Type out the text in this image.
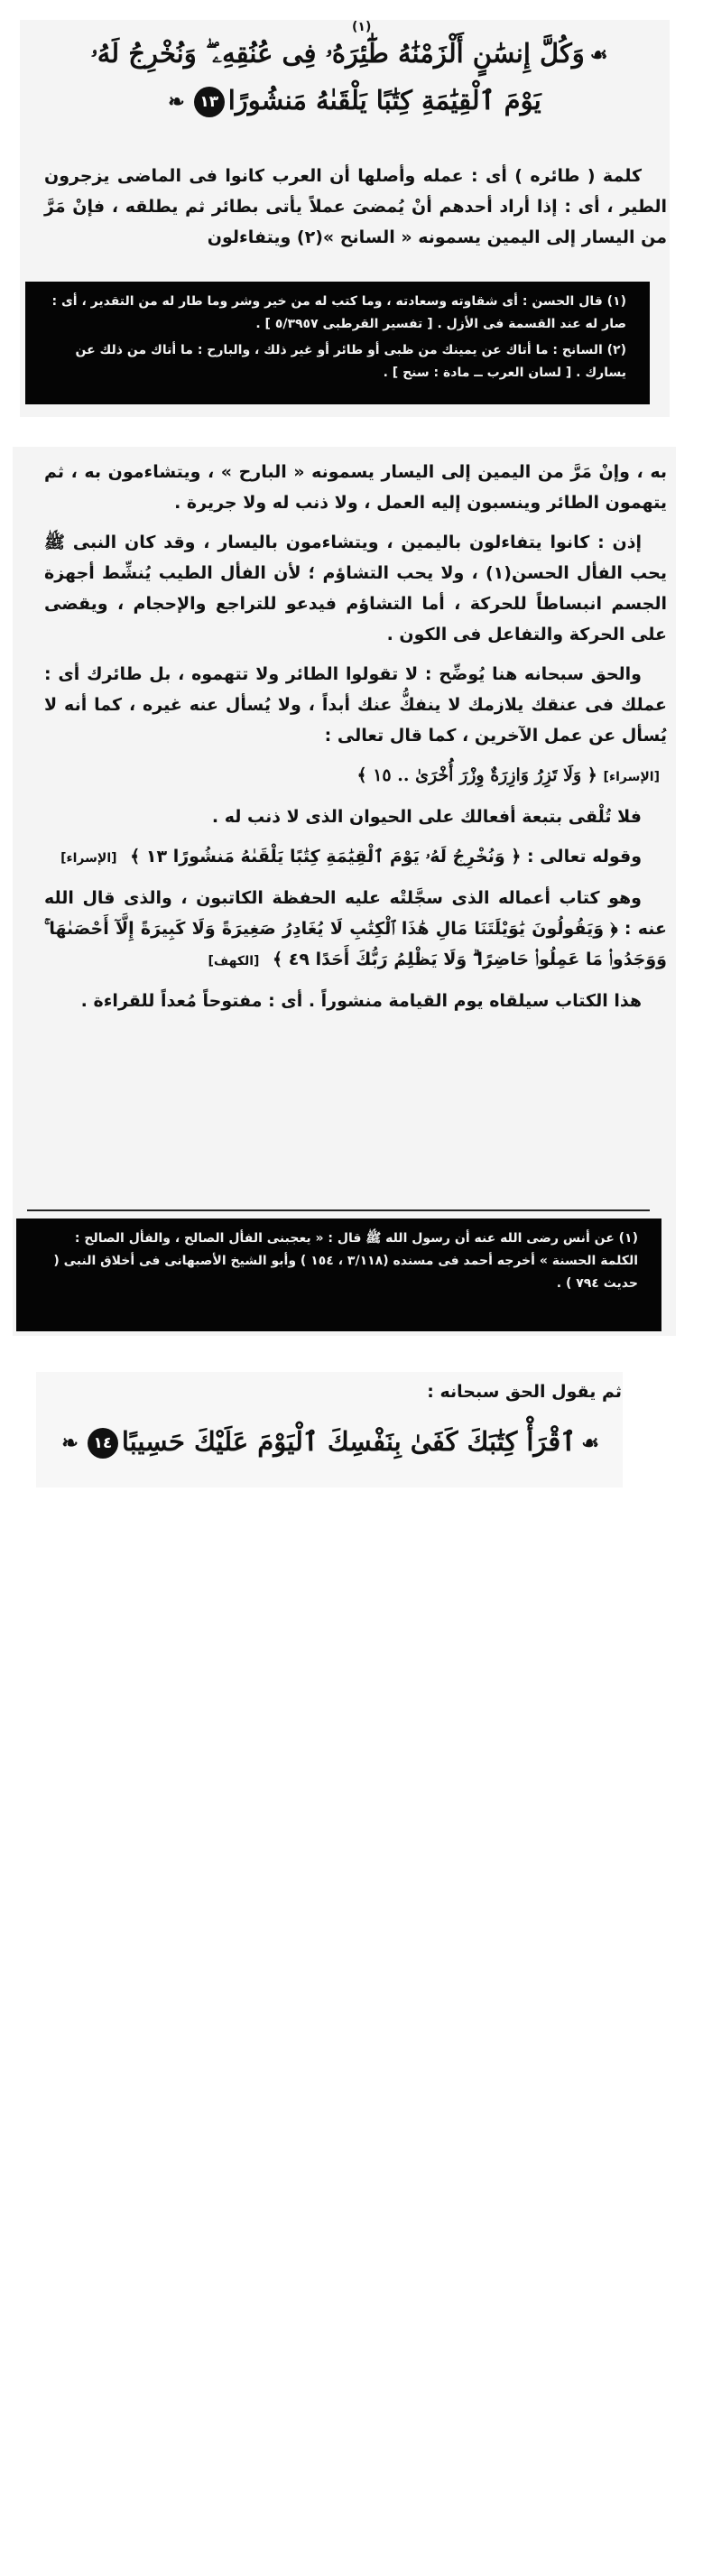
(١)
☙وَكُلَّ إِنسَٰنٍ أَلْزَمْنَٰهُ طَٰٓئِرَهُۥ فِى عُنُقِهِۦ ۖ وَنُخْرِجُ لَهُۥ
يَوْمَ ٱلْقِيَٰمَةِ كِتَٰبًا يَلْقَىٰهُ مَنشُورًا١٣❧

كلمة ( طائره ) أى : عمله وأصلها أن العرب كانوا فى الماضى يزجرون الطير ، أى : إذا أراد أحدهم أنْ يُمضىَ عملاً يأتى بطائر ثم يطلقه ، فإنْ مَرَّ من اليسار إلى اليمين يسمونه « السانح »(٢) ويتفاءلون

(١) قال الحسن : أى شقاوته وسعادته ، وما كتب له من خير وشر وما طار له من التقدير ، أى : صار له عند القسمة فى الأزل . [ تفسير القرطبى ٥/٣٩٥٧ ] .

(٢) السانح : ما أتاك عن يمينك من ظبى أو طائر أو غير ذلك ، والبارح : ما أتاك من ذلك عن يسارك . [ لسان العرب ــ مادة : سنح ] .

به ، وإنْ مَرَّ من اليمين إلى اليسار يسمونه « البارح » ، ويتشاءمون به ، ثم يتهمون الطائر وينسبون إليه العمل ، ولا ذنب له ولا جريرة .

إذن : كانوا يتفاءلون باليمين ، ويتشاءمون باليسار ، وقد كان النبى ﷺ يحب الفأل الحسن(١) ، ولا يحب التشاؤم ؛ لأن الفأل الطيب يُنشِّط أجهزة الجسم انبساطاً للحركة ، أما التشاؤم فيدعو للتراجع والإحجام ، ويقضى على الحركة والتفاعل فى الكون .

والحق سبحانه هنا يُوضِّح : لا تقولوا الطائر ولا تتهموه ، بل طائرك أى : عملك فى عنقك يلازمك لا ينفكُّ عنك أبداً ، ولا يُسأل عنه غيره ، كما أنه لا يُسأل عن عمل الآخرين ، كما قال تعالى :

[الإسراء] ﴿ وَلَا تَزِرُ وَازِرَةٌ وِزْرَ أُخْرَىٰ .. ١٥ ﴾

فلا تُلْقى بتبعة أفعالك على الحيوان الذى لا ذنب له .

وقوله تعالى : ﴿ وَنُخْرِجُ لَهُۥ يَوْمَ ٱلْقِيَٰمَةِ كِتَٰبًا يَلْقَىٰهُ مَنشُورًا ١٣ ﴾ [الإسراء]

وهو كتاب أعماله الذى سجَّلتْه عليه الحفظة الكاتبون ، والذى قال الله عنه : ﴿ وَيَقُولُونَ يَٰوَيْلَتَنَا مَالِ هَٰذَا ٱلْكِتَٰبِ لَا يُغَادِرُ صَغِيرَةً وَلَا كَبِيرَةً إِلَّآ أَحْصَىٰهَا ۚ وَوَجَدُوا۟ مَا عَمِلُوا۟ حَاضِرًا ۗ وَلَا يَظْلِمُ رَبُّكَ أَحَدًا ٤٩ ﴾ [الكهف]

هذا الكتاب سيلقاه يوم القيامة منشوراً . أى : مفتوحاً مُعداً للقراءة .

(١) عن أنس رضى الله عنه أن رسول الله ﷺ قال : « يعجبنى الفأل الصالح ، والفأل الصالح : الكلمة الحسنة » أخرجه أحمد فى مسنده (٣/١١٨ ، ١٥٤ ) وأبو الشيخ الأصبهانى فى أخلاق النبى ( حديث ٧٩٤ ) .

ثم يقول الحق سبحانه :

☙ٱقْرَأْ كِتَٰبَكَ كَفَىٰ بِنَفْسِكَ ٱلْيَوْمَ عَلَيْكَ حَسِيبًا١٤❧
